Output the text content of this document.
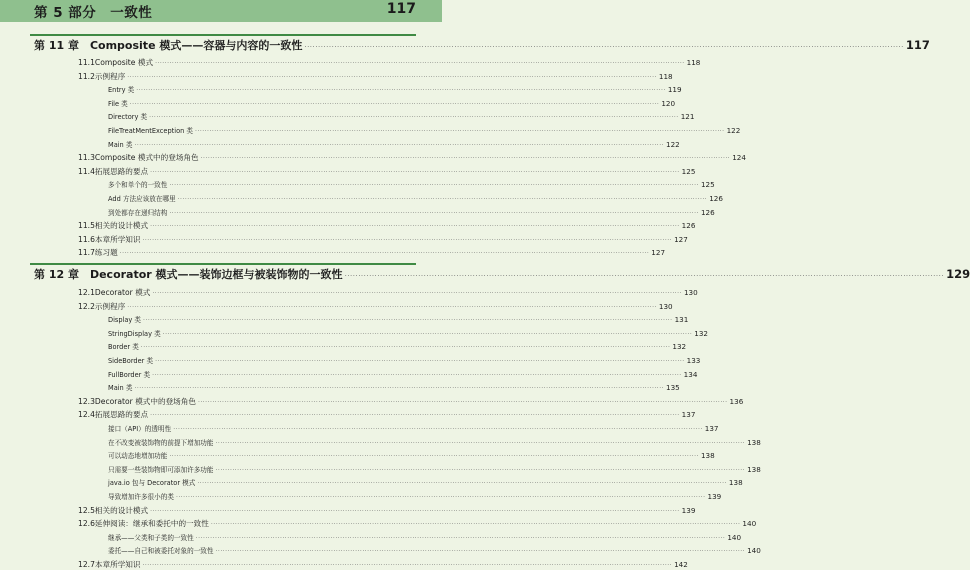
第 5 部分　一致性	117
第 11 章　Composite 模式——容器与内容的一致性 ···························································································································································································································· 117
11.1 Composite 模式 ···························································································································································································································· 118
11.2 示例程序 ···························································································································································································································· 118
Entry 类 ···························································································································································································································· 119
File 类 ···························································································································································································································· 120
Directory 类 ···························································································································································································································· 121
FileTreatMentException 类 ···························································································································································································································· 122
Main 类 ···························································································································································································································· 122
11.3 Composite 模式中的登场角色 ···························································································································································································································· 124
11.4 拓展思路的要点 ···························································································································································································································· 125
多个和单个的一致性 ···························································································································································································································· 125
Add 方法应该放在哪里 ···························································································································································································································· 126
到处都存在递归结构 ···························································································································································································································· 126
11.5 相关的设计模式 ···························································································································································································································· 126
11.6 本章所学知识 ···························································································································································································································· 127
11.7 练习题 ···························································································································································································································· 127
第 12 章　Decorator 模式——装饰边框与被装饰物的一致性 ···························································································································································································································· 129
12.1 Decorator 模式 ···························································································································································································································· 130
12.2 示例程序 ···························································································································································································································· 130
Display 类 ···························································································································································································································· 131
StringDisplay 类 ···························································································································································································································· 132
Border 类 ···························································································································································································································· 132
SideBorder 类 ···························································································································································································································· 133
FullBorder 类 ···························································································································································································································· 134
Main 类 ···························································································································································································································· 135
12.3 Decorator 模式中的登场角色 ···························································································································································································································· 136
12.4 拓展思路的要点 ···························································································································································································································· 137
接口（API）的透明性 ···························································································································································································································· 137
在不改变被装饰物的前提下增加功能 ···························································································································································································································· 138
可以动态地增加功能 ···························································································································································································································· 138
只需要一些装饰物即可添加许多功能 ···························································································································································································································· 138
java.io 包与 Decorator 模式 ···························································································································································································································· 138
导致增加许多很小的类 ···························································································································································································································· 139
12.5 相关的设计模式 ···························································································································································································································· 139
12.6 延伸阅读：继承和委托中的一致性 ···························································································································································································································· 140
继承——父类和子类的一致性 ···························································································································································································································· 140
委托——自己和被委托对象的一致性 ···························································································································································································································· 140
12.7 本章所学知识 ···························································································································································································································· 142
